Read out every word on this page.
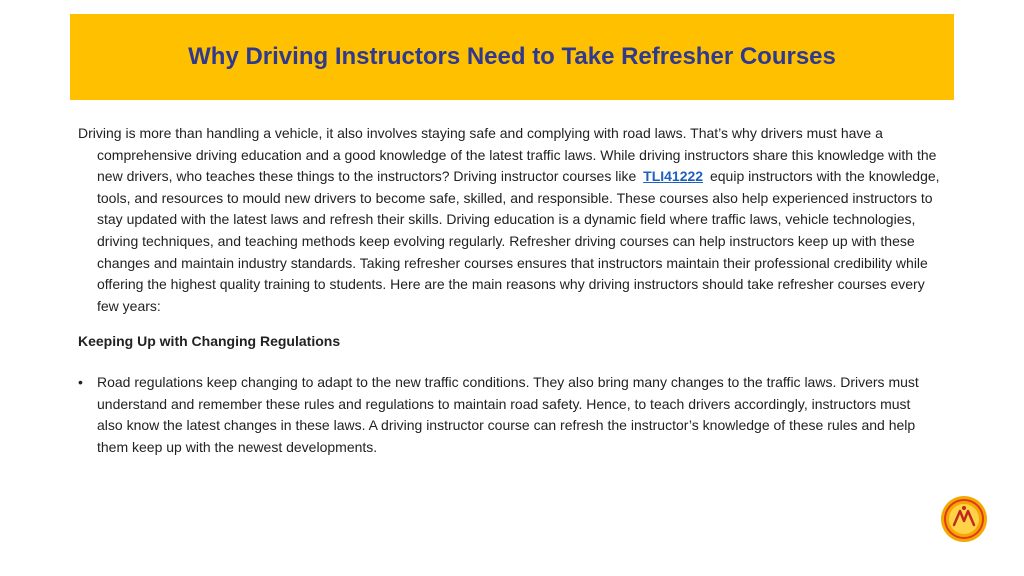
Why Driving Instructors Need to Take Refresher Courses

Driving is more than handling a vehicle, it also involves staying safe and complying with road laws. That’s why drivers must have a comprehensive driving education and a good knowledge of the latest traffic laws. While driving instructors share this knowledge with the new drivers, who teaches these things to the instructors? Driving instructor courses like TLI41222 equip instructors with the knowledge, tools, and resources to mould new drivers to become safe, skilled, and responsible. These courses also help experienced instructors to stay updated with the latest laws and refresh their skills. Driving education is a dynamic field where traffic laws, vehicle technologies, driving techniques, and teaching methods keep evolving regularly. Refresher driving courses can help instructors keep up with these changes and maintain industry standards. Taking refresher courses ensures that instructors maintain their professional credibility while offering the highest quality training to students. Here are the main reasons why driving instructors should take refresher courses every few years:

Keeping Up with Changing Regulations

• Road regulations keep changing to adapt to the new traffic conditions. They also bring many changes to the traffic laws. Drivers must understand and remember these rules and regulations to maintain road safety. Hence, to teach drivers accordingly, instructors must also know the latest changes in these laws. A driving instructor course can refresh the instructor’s knowledge of these rules and help them keep up with the newest developments.
